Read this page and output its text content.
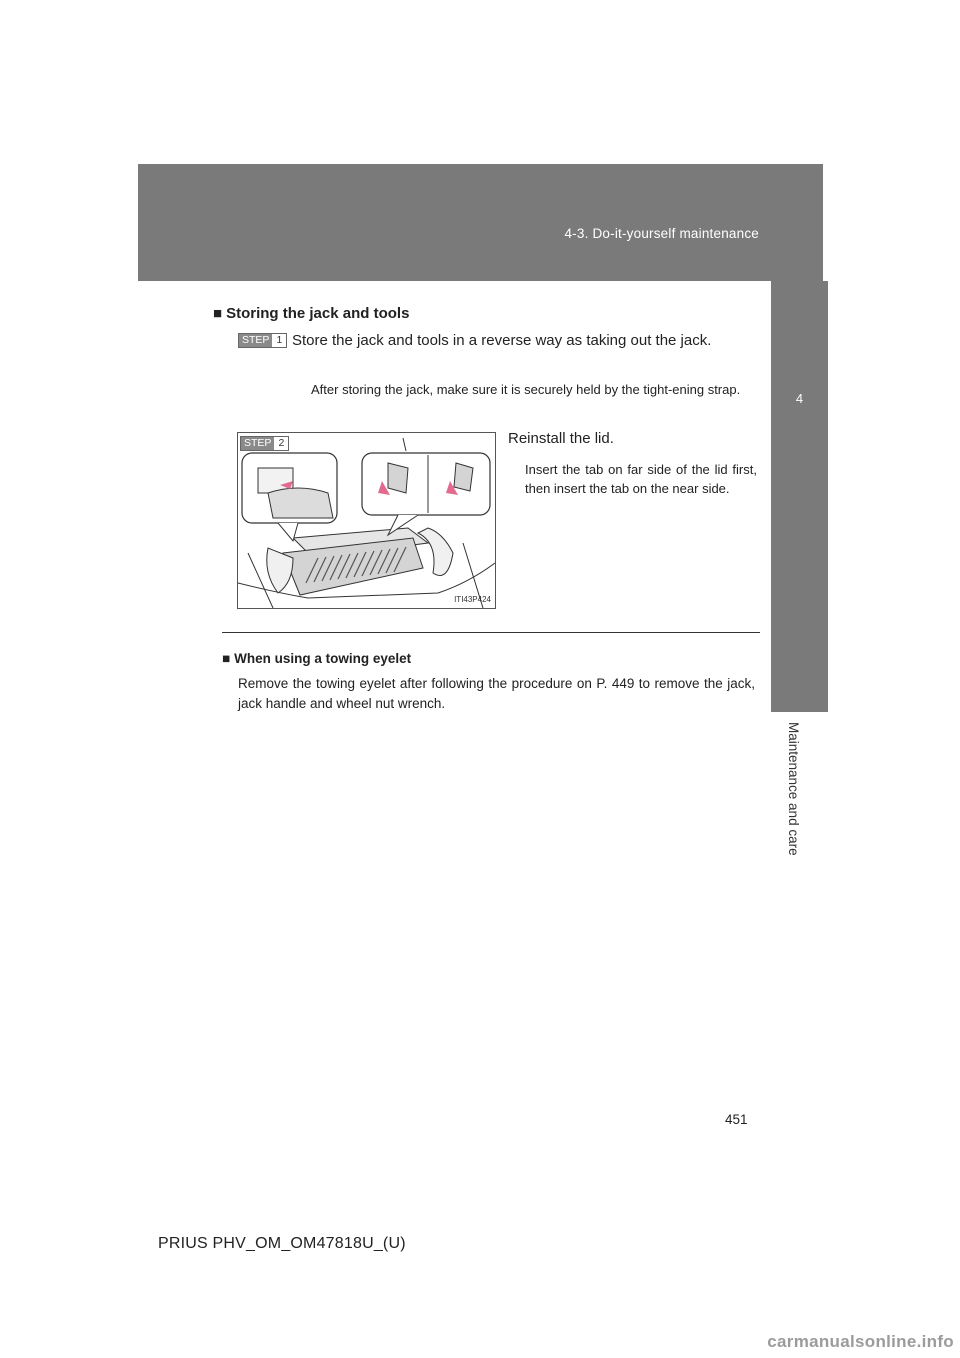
4-3. Do-it-yourself maintenance
4
Maintenance and care
■ Storing the jack and tools
STEP 1 Store the jack and tools in a reverse way as taking out the jack.
After storing the jack, make sure it is securely held by the tight-ening strap.
STEP 2
ITI43P424
Reinstall the lid.
Insert the tab on far side of the lid first, then insert the tab on the near side.
■ When using a towing eyelet
Remove the towing eyelet after following the procedure on P. 449 to remove the jack, jack handle and wheel nut wrench.
451
PRIUS PHV_OM_OM47818U_(U)
carmanualsonline.info
